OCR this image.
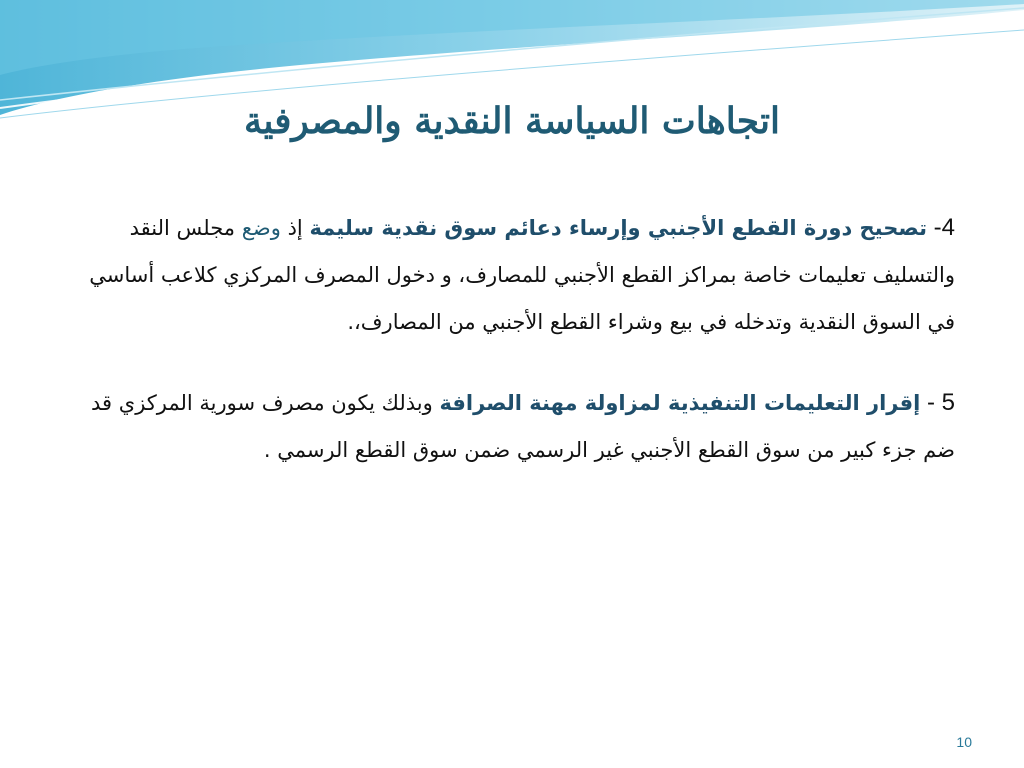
اتجاهات السياسة النقدية والمصرفية

4- تصحيح دورة القطع الأجنبي وإرساء دعائم سوق نقدية سليمة إذ وضع مجلس النقد والتسليف تعليمات خاصة بمراكز القطع الأجنبي للمصارف، و دخول المصرف المركزي كلاعب أساسي في السوق النقدية وتدخله في بيع وشراء القطع الأجنبي من المصارف،.

5 - إقرار التعليمات التنفيذية لمزاولة مهنة الصرافة وبذلك يكون مصرف سورية المركزي قد ضم جزء كبير من سوق القطع الأجنبي غير الرسمي ضمن سوق القطع الرسمي .

10
